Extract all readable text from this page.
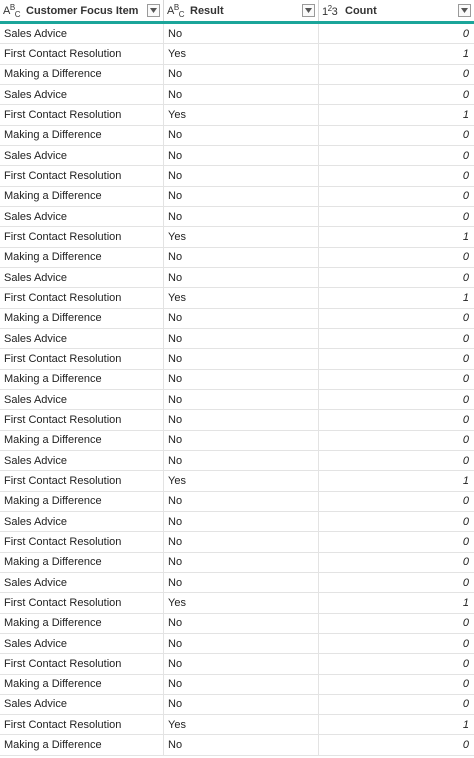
$A^B_C$ Customer Focus Item	$A^B_C$ Result	$1^23$ Count
Sales Advice	No	0
First Contact Resolution	Yes	1
Making a Difference	No	0
Sales Advice	No	0
First Contact Resolution	Yes	1
Making a Difference	No	0
Sales Advice	No	0
First Contact Resolution	No	0
Making a Difference	No	0
Sales Advice	No	0
First Contact Resolution	Yes	1
Making a Difference	No	0
Sales Advice	No	0
First Contact Resolution	Yes	1
Making a Difference	No	0
Sales Advice	No	0
First Contact Resolution	No	0
Making a Difference	No	0
Sales Advice	No	0
First Contact Resolution	No	0
Making a Difference	No	0
Sales Advice	No	0
First Contact Resolution	Yes	1
Making a Difference	No	0
Sales Advice	No	0
First Contact Resolution	No	0
Making a Difference	No	0
Sales Advice	No	0
First Contact Resolution	Yes	1
Making a Difference	No	0
Sales Advice	No	0
First Contact Resolution	No	0
Making a Difference	No	0
Sales Advice	No	0
First Contact Resolution	Yes	1
Making a Difference	No	0
